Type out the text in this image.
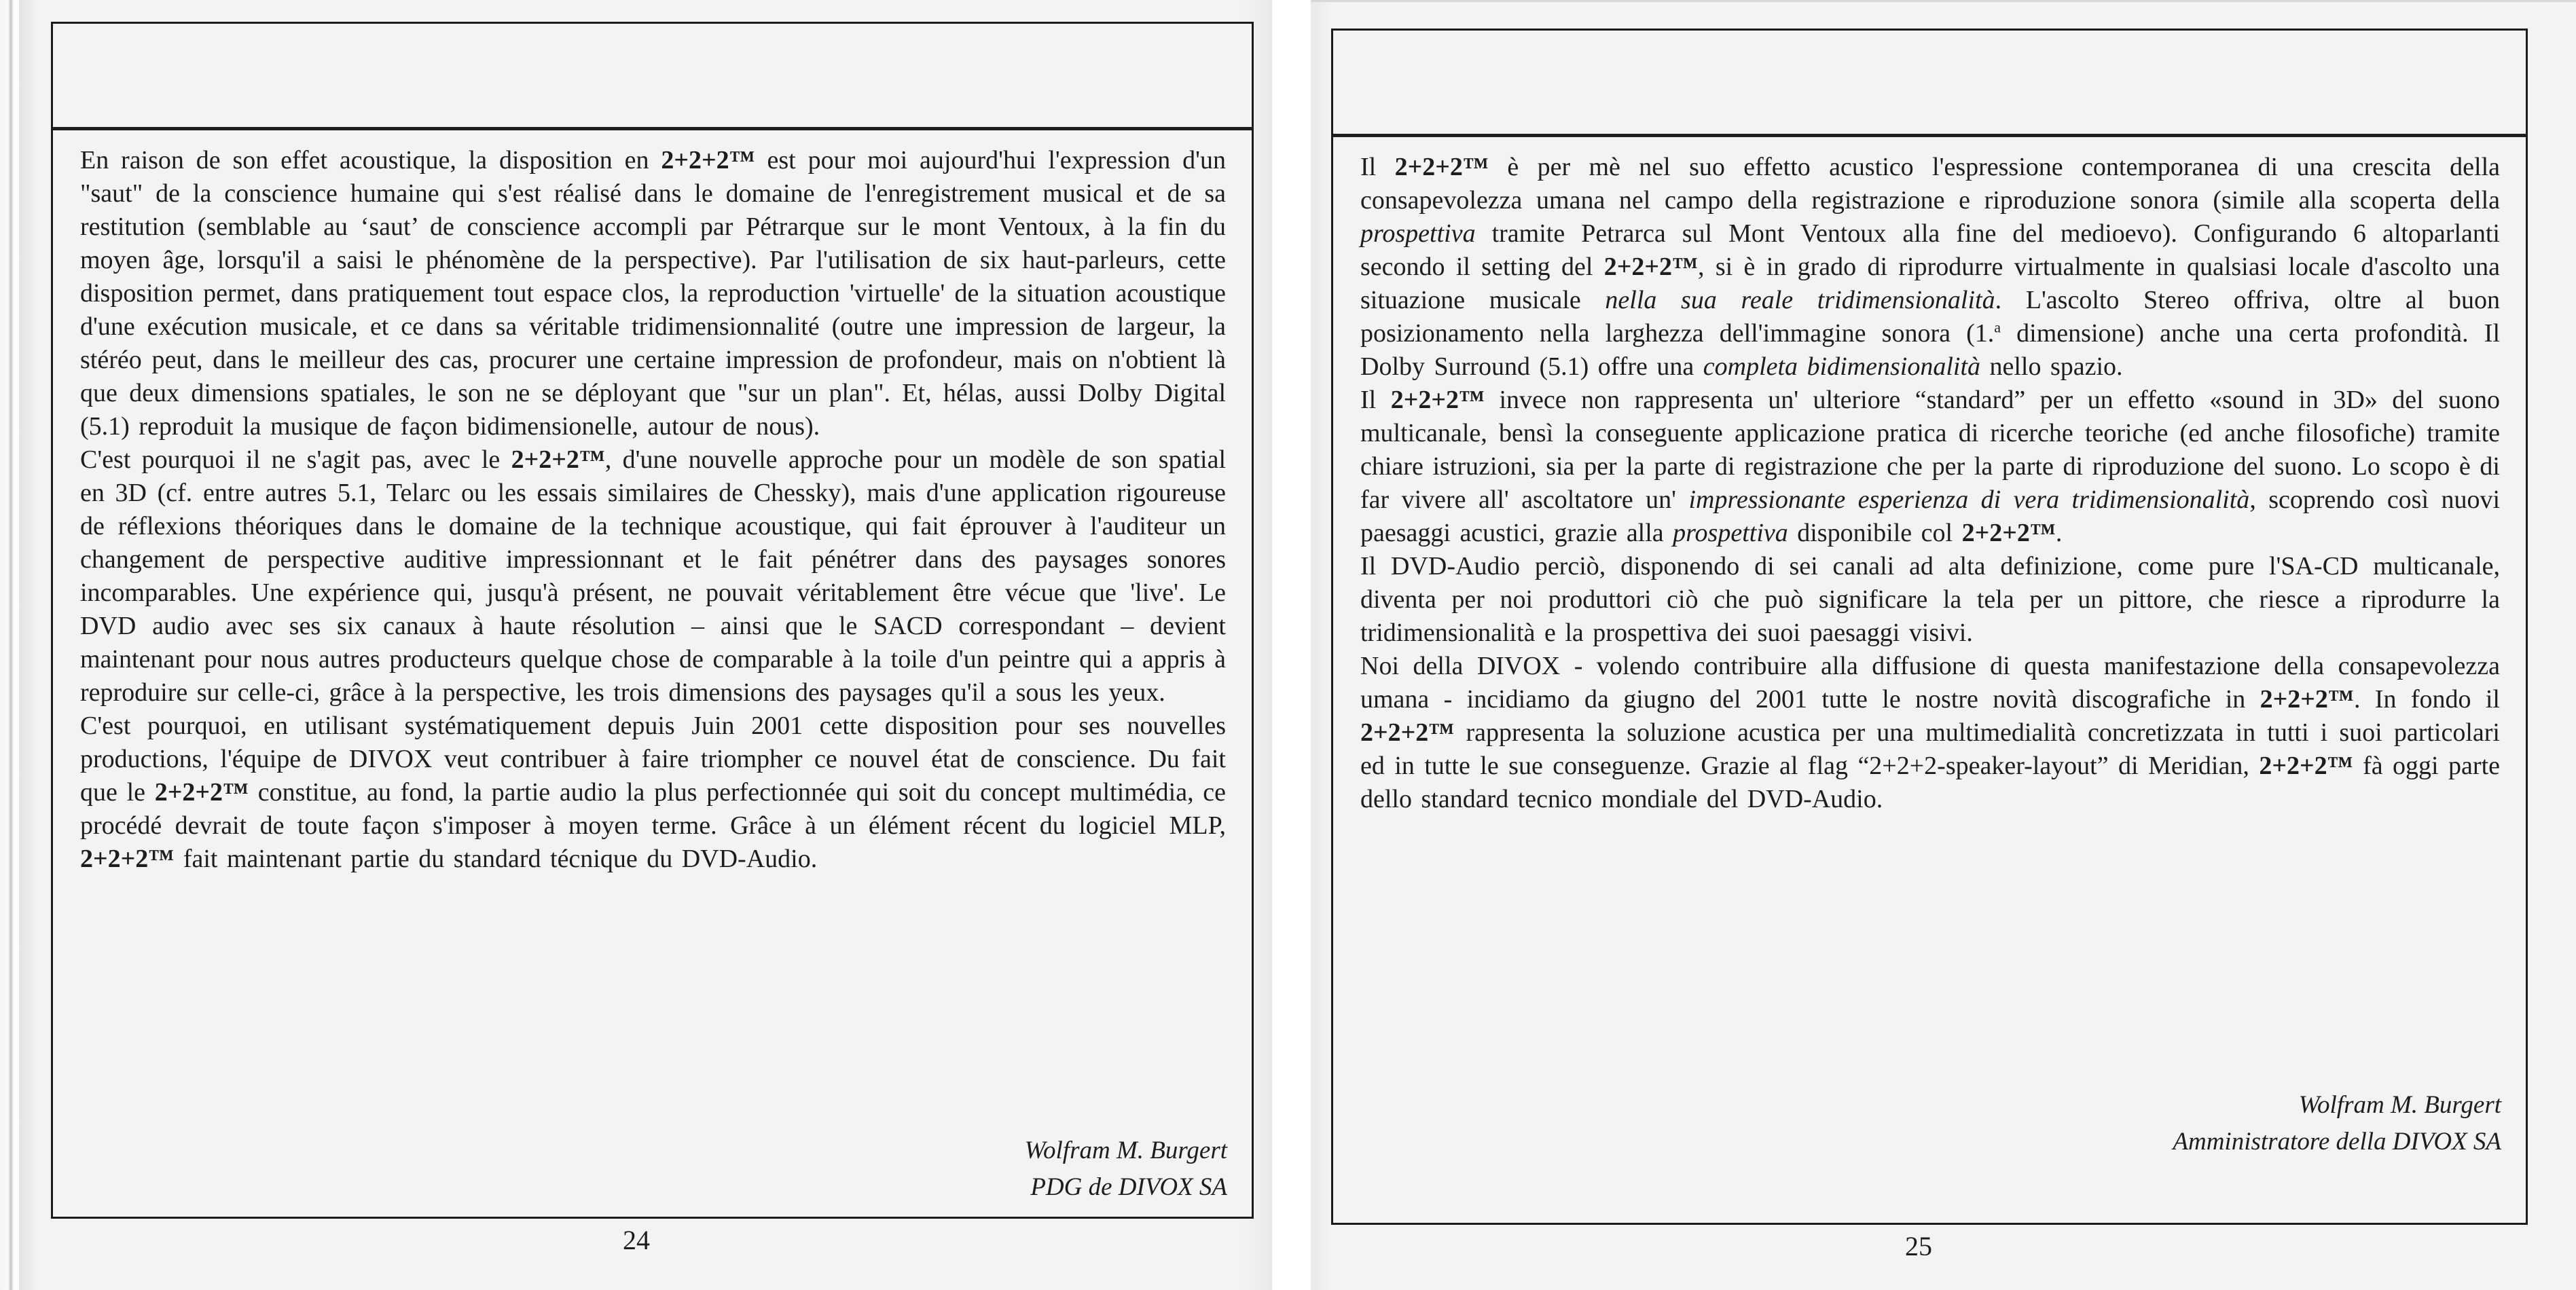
En raison de son effet acoustique, la disposition en 2+2+2™ est pour moi aujourd'hui l'expression d'un "saut" de la conscience humaine qui s'est réalisé dans le domaine de l'enregistrement musical et de sa restitution (semblable au ‘saut’ de conscience accompli par Pétrarque sur le mont Ventoux, à la fin du moyen âge, lorsqu'il a saisi le phénomène de la perspective). Par l'utilisation de six haut-parleurs, cette disposition permet, dans pratiquement tout espace clos, la reproduction 'virtuelle' de la situation acoustique d'une exécution musicale, et ce dans sa véritable tridimensionnalité (outre une impression de largeur, la stéréo peut, dans le meilleur des cas, procurer une certaine impression de profondeur, mais on n'obtient là que deux dimensions spatiales, le son ne se déployant que "sur un plan". Et, hélas, aussi Dolby Digital (5.1) reproduit la musique de façon bidimensionelle, autour de nous).

C'est pourquoi il ne s'agit pas, avec le 2+2+2™, d'une nouvelle approche pour un modèle de son spatial en 3D (cf. entre autres 5.1, Telarc ou les essais similaires de Chessky), mais d'une application rigoureuse de réflexions théoriques dans le domaine de la technique acoustique, qui fait éprouver à l'auditeur un changement de perspective auditive impressionnant et le fait pénétrer dans des paysages sonores incomparables. Une expérience qui, jusqu'à présent, ne pouvait véritablement être vécue que 'live'. Le DVD audio avec ses six canaux à haute résolution – ainsi que le SACD correspondant – devient maintenant pour nous autres producteurs quelque chose de comparable à la toile d'un peintre qui a appris à reproduire sur celle-ci, grâce à la perspective, les trois dimensions des paysages qu'il a sous les yeux.

C'est pourquoi, en utilisant systématiquement depuis Juin 2001 cette disposition pour ses nouvelles productions, l'équipe de DIVOX veut contribuer à faire triompher ce nouvel état de conscience. Du fait que le 2+2+2™ constitue, au fond, la partie audio la plus perfectionnée qui soit du concept multimédia, ce procédé devrait de toute façon s'imposer à moyen terme. Grâce à un élément récent du logiciel MLP, 2+2+2™ fait maintenant partie du standard técnique du DVD-Audio.

Wolfram M. Burgert
PDG de DIVOX SA
24

Il 2+2+2™ è per mè nel suo effetto acustico l'espressione contemporanea di una crescita della consapevolezza umana nel campo della registrazione e riproduzione sonora (simile alla scoperta della prospettiva tramite Petrarca sul Mont Ventoux alla fine del medioevo). Configurando 6 altoparlanti secondo il setting del 2+2+2™, si è in grado di riprodurre virtualmente in qualsiasi locale d'ascolto una situazione musicale nella sua reale tridimensionalità. L'ascolto Stereo offriva, oltre al buon posizionamento nella larghezza dell'immagine sonora (1.$^a$ dimensione) anche una certa profondità. Il Dolby Surround (5.1) offre una completa bidimensionalità nello spazio.

Il 2+2+2™ invece non rappresenta un' ulteriore “standard” per un effetto «sound in 3D» del suono multicanale, bensì la conseguente applicazione pratica di ricerche teoriche (ed anche filosofiche) tramite chiare istruzioni, sia per la parte di registrazione che per la parte di riproduzione del suono. Lo scopo è di far vivere all' ascoltatore un' impressionante esperienza di vera tridimensionalità, scoprendo così nuovi paesaggi acustici, grazie alla prospettiva disponibile col 2+2+2™.

Il DVD-Audio perciò, disponendo di sei canali ad alta definizione, come pure l'SA-CD multicanale, diventa per noi produttori ciò che può significare la tela per un pittore, che riesce a riprodurre la tridimensionalità e la prospettiva dei suoi paesaggi visivi.

Noi della DIVOX - volendo contribuire alla diffusione di questa manifestazione della consapevolezza umana - incidiamo da giugno del 2001 tutte le nostre novità discografiche in 2+2+2™. In fondo il 2+2+2™ rappresenta la soluzione acustica per una multimedialità concretizzata in tutti i suoi particolari ed in tutte le sue conseguenze. Grazie al flag “2+2+2-speaker-layout” di Meridian, 2+2+2™ fà oggi parte dello standard tecnico mondiale del DVD-Audio.

Wolfram M. Burgert
Amministratore della DIVOX SA
25
